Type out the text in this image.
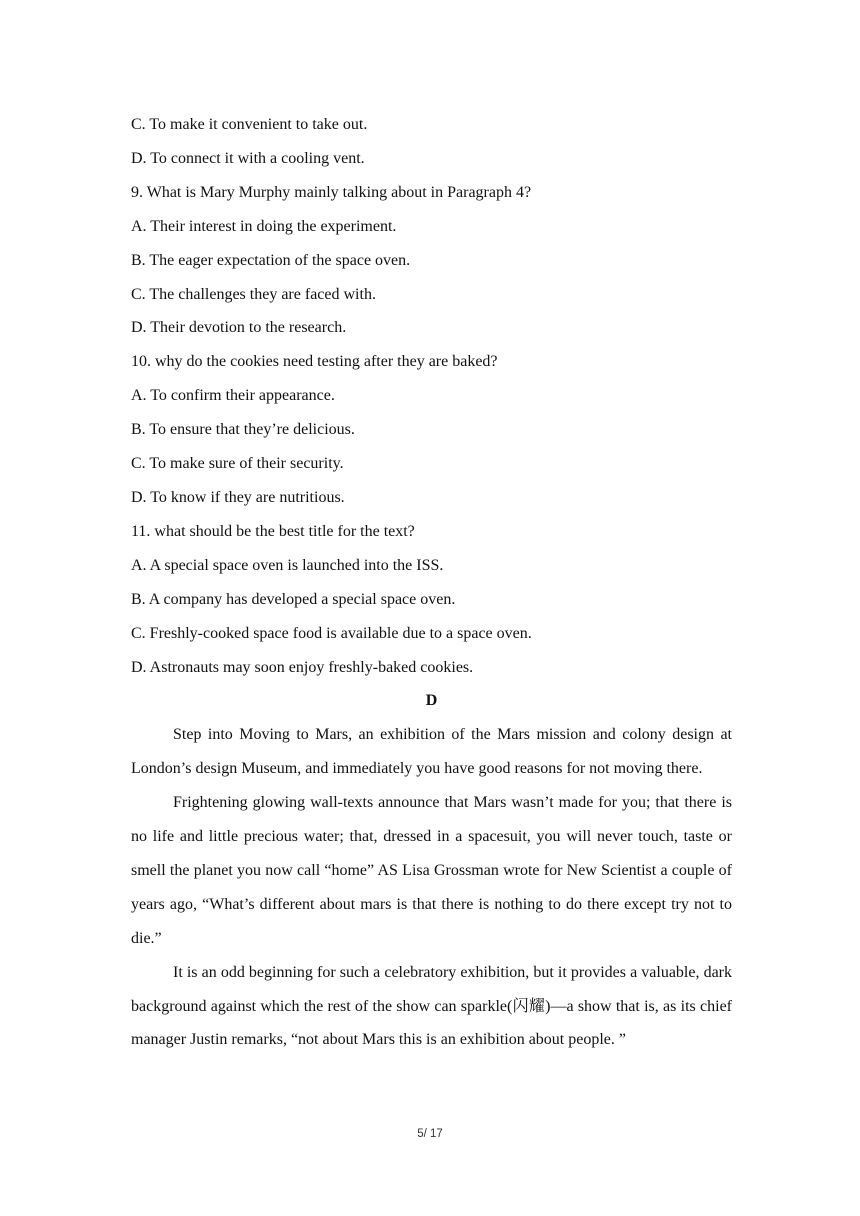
C. To make it convenient to take out.
D. To connect it with a cooling vent.
9. What is Mary Murphy mainly talking about in Paragraph 4?
A. Their interest in doing the experiment.
B. The eager expectation of the space oven.
C. The challenges they are faced with.
D. Their devotion to the research.
10. why do the cookies need testing after they are baked?
A. To confirm their appearance.
B. To ensure that they’re delicious.
C. To make sure of their security.
D. To know if they are nutritious.
11. what should be the best title for the text?
A. A special space oven is launched into the ISS.
B. A company has developed a special space oven.
C. Freshly-cooked space food is available due to a space oven.
D. Astronauts may soon enjoy freshly-baked cookies.
D

Step into Moving to Mars, an exhibition of the Mars mission and colony design at London’s design Museum, and immediately you have good reasons for not moving there.

Frightening glowing wall-texts announce that Mars wasn’t made for you; that there is no life and little precious water; that, dressed in a spacesuit, you will never touch, taste or smell the planet you now call “home” AS Lisa Grossman wrote for New Scientist a couple of years ago, “What’s different about mars is that there is nothing to do there except try not to die.”

It is an odd beginning for such a celebratory exhibition, but it provides a valuable, dark background against which the rest of the show can sparkle(闪耀)—a show that is, as its chief manager Justin remarks, “not about Mars this is an exhibition about people. ”

5/ 17
